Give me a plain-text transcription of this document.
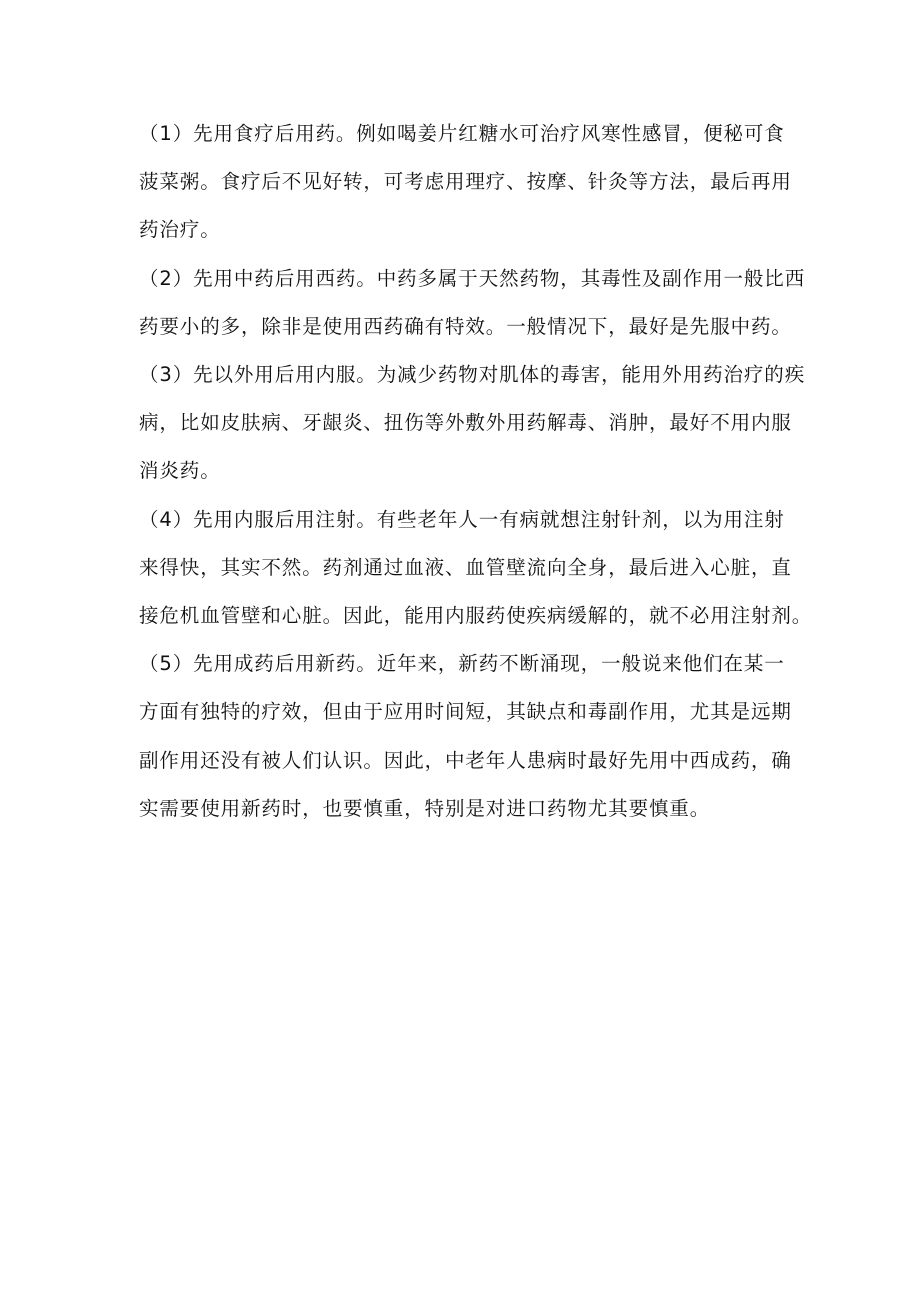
（1）先用食疗后用药。例如喝姜片红糖水可治疗风寒性感冒，便秘可食
菠菜粥。食疗后不见好转，可考虑用理疗、按摩、针灸等方法，最后再用
药治疗。
（2）先用中药后用西药。中药多属于天然药物，其毒性及副作用一般比西
药要小的多，除非是使用西药确有特效。一般情况下，最好是先服中药。
（3）先以外用后用内服。为减少药物对肌体的毒害，能用外用药治疗的疾
病，比如皮肤病、牙龈炎、扭伤等外敷外用药解毒、消肿，最好不用内服
消炎药。
（4）先用内服后用注射。有些老年人一有病就想注射针剂，以为用注射
来得快，其实不然。药剂通过血液、血管壁流向全身，最后进入心脏，直
接危机血管壁和心脏。因此，能用内服药使疾病缓解的，就不必用注射剂。
（5）先用成药后用新药。近年来，新药不断涌现，一般说来他们在某一
方面有独特的疗效，但由于应用时间短，其缺点和毒副作用，尤其是远期
副作用还没有被人们认识。因此，中老年人患病时最好先用中西成药，确
实需要使用新药时，也要慎重，特别是对进口药物尤其要慎重。
